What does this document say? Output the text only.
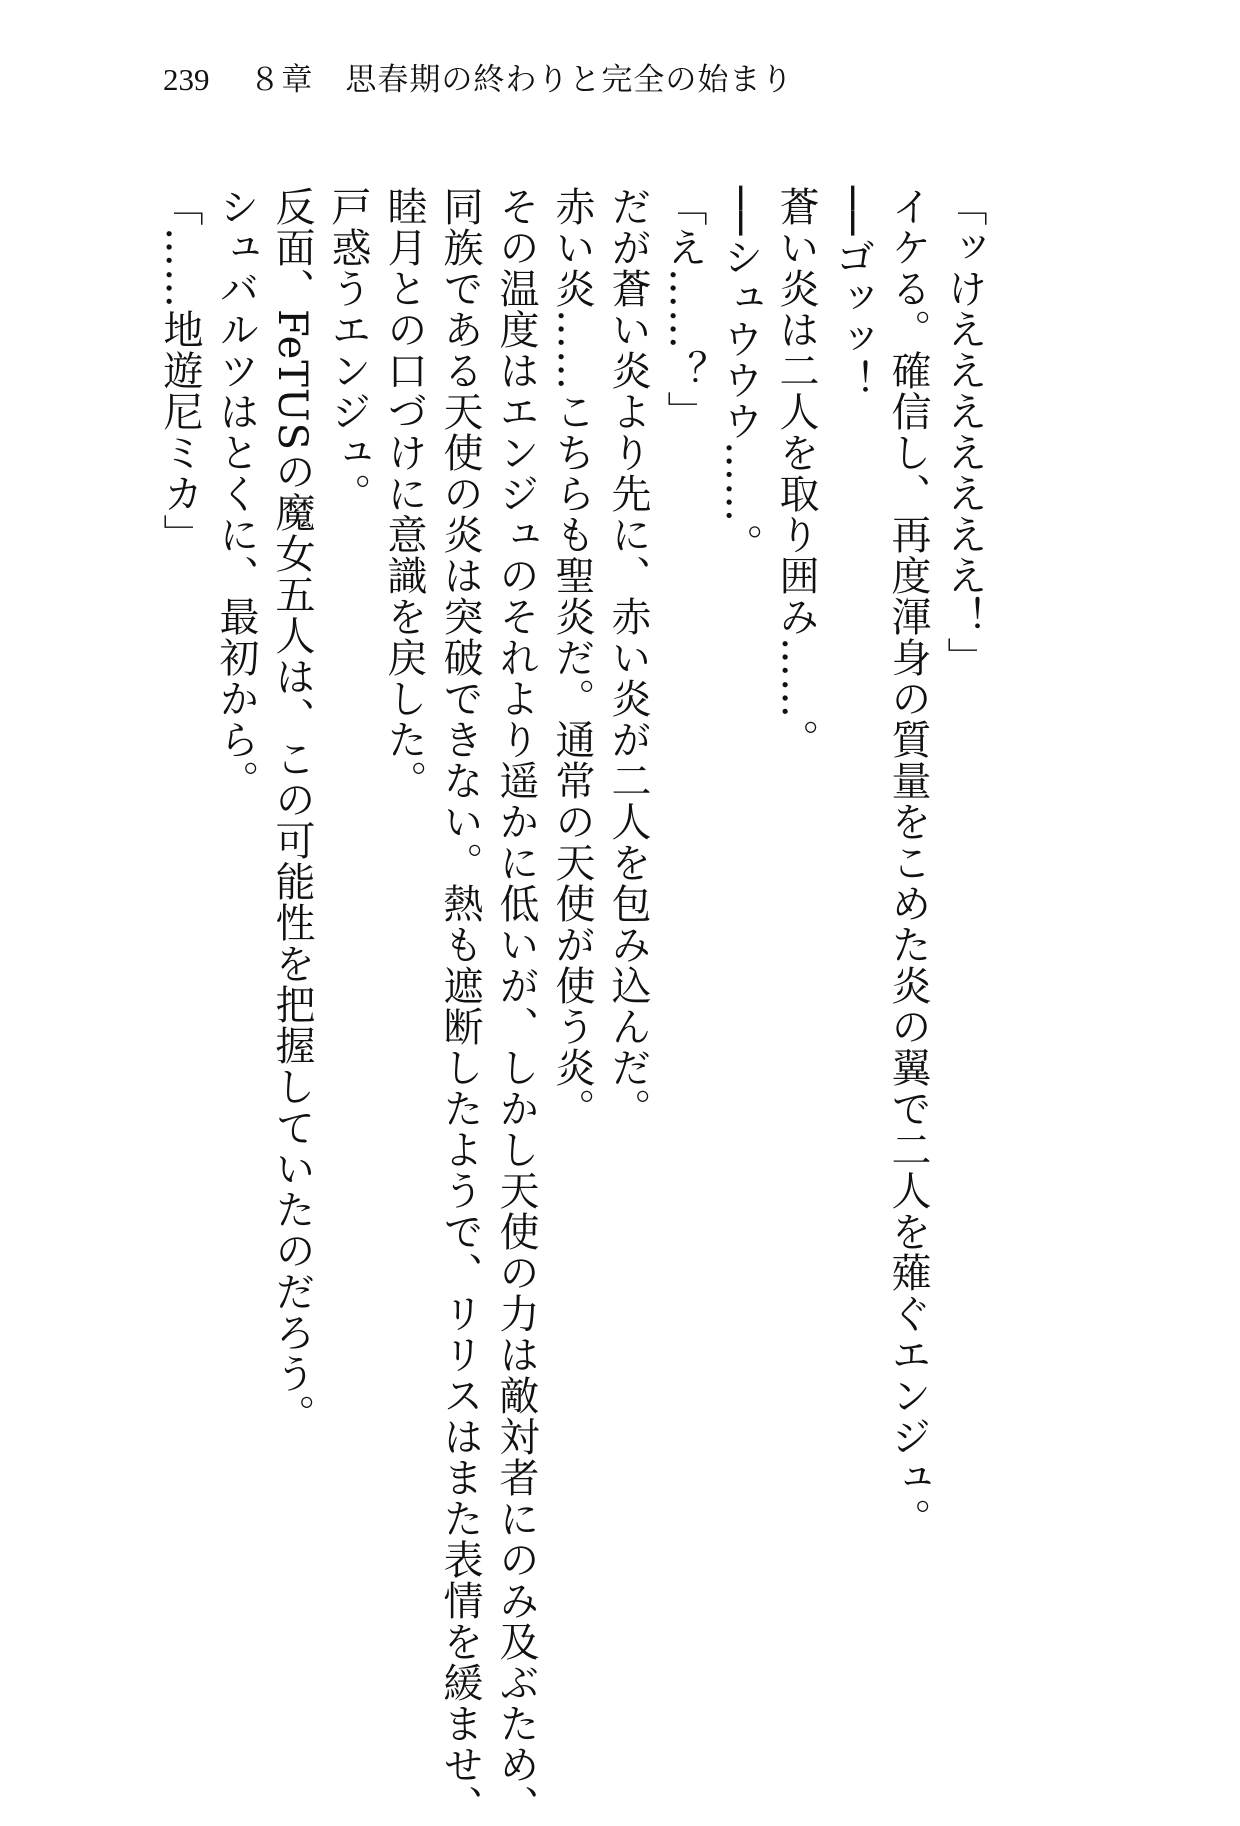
239 ８章　思春期の終わりと完全の始まり
「ッけえええええええ！」
イケる。確信し、再度渾身の質量をこめた炎の翼で二人を薙ぐエンジュ。
──ゴッッ！
蒼い炎は二人を取り囲み……。
──シュウウウ……。
「え……？」
だが蒼い炎より先に、赤い炎が二人を包み込んだ。
赤い炎……こちらも聖炎だ。通常の天使が使う炎。
その温度はエンジュのそれより遥かに低いが、しかし天使の力は敵対者にのみ及ぶため、
同族である天使の炎は突破できない。熱も遮断したようで、リリスはまた表情を緩ませ、
睦月との口づけに意識を戻した。
戸惑うエンジュ。
反面、FeTUSの魔女五人は、この可能性を把握していたのだろう。
シュバルツはとくに、最初から。
「……地遊尼ミカ」
